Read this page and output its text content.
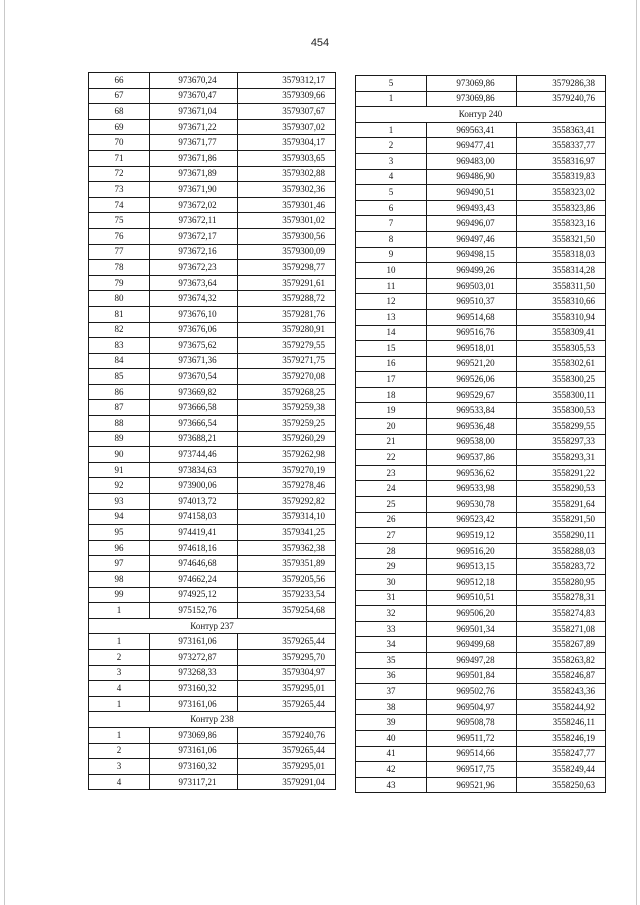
454
66	973670,24	3579312,17
67	973670,47	3579309,66
68	973671,04	3579307,67
69	973671,22	3579307,02
70	973671,77	3579304,17
71	973671,86	3579303,65
72	973671,89	3579302,88
73	973671,90	3579302,36
74	973672,02	3579301,46
75	973672,11	3579301,02
76	973672,17	3579300,56
77	973672,16	3579300,09
78	973672,23	3579298,77
79	973673,64	3579291,61
80	973674,32	3579288,72
81	973676,10	3579281,76
82	973676,06	3579280,91
83	973675,62	3579279,55
84	973671,36	3579271,75
85	973670,54	3579270,08
86	973669,82	3579268,25
87	973666,58	3579259,38
88	973666,54	3579259,25
89	973688,21	3579260,29
90	973744,46	3579262,98
91	973834,63	3579270,19
92	973900,06	3579278,46
93	974013,72	3579292,82
94	974158,03	3579314,10
95	974419,41	3579341,25
96	974618,16	3579362,38
97	974646,68	3579351,89
98	974662,24	3579205,56
99	974925,12	3579233,54
1	975152,76	3579254,68
Контур 237		
1	973161,06	3579265,44
2	973272,87	3579295,70
3	973268,33	3579304,97
4	973160,32	3579295,01
1	973161,06	3579265,44
Контур 238		
1	973069,86	3579240,76
2	973161,06	3579265,44
3	973160,32	3579295,01
4	973117,21	3579291,04
5	973069,86	3579286,38
1	973069,86	3579240,76
Контур 240		
1	969563,41	3558363,41
2	969477,41	3558337,77
3	969483,00	3558316,97
4	969486,90	3558319,83
5	969490,51	3558323,02
6	969493,43	3558323,86
7	969496,07	3558323,16
8	969497,46	3558321,50
9	969498,15	3558318,03
10	969499,26	3558314,28
11	969503,01	3558311,50
12	969510,37	3558310,66
13	969514,68	3558310,94
14	969516,76	3558309,41
15	969518,01	3558305,53
16	969521,20	3558302,61
17	969526,06	3558300,25
18	969529,67	3558300,11
19	969533,84	3558300,53
20	969536,48	3558299,55
21	969538,00	3558297,33
22	969537,86	3558293,31
23	969536,62	3558291,22
24	969533,98	3558290,53
25	969530,78	3558291,64
26	969523,42	3558291,50
27	969519,12	3558290,11
28	969516,20	3558288,03
29	969513,15	3558283,72
30	969512,18	3558280,95
31	969510,51	3558278,31
32	969506,20	3558274,83
33	969501,34	3558271,08
34	969499,68	3558267,89
35	969497,28	3558263,82
36	969501,84	3558246,87
37	969502,76	3558243,36
38	969504,97	3558244,92
39	969508,78	3558246,11
40	969511,72	3558246,19
41	969514,66	3558247,77
42	969517,75	3558249,44
43	969521,96	3558250,63
